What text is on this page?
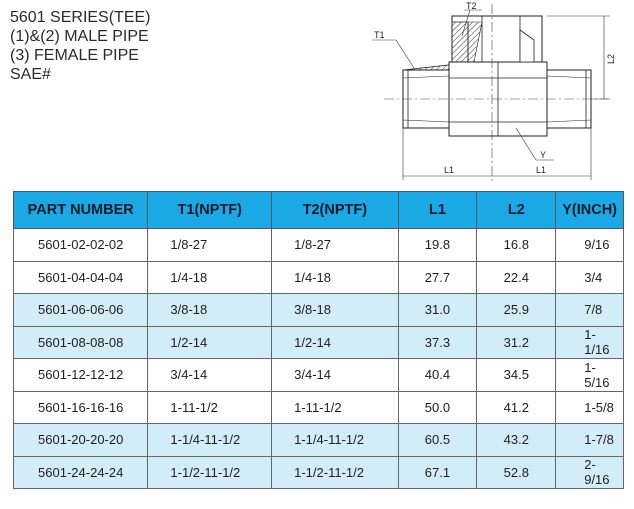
5601 SERIES(TEE)
(1)&(2) MALE PIPE
(3) FEMALE PIPE
SAE#
T2
T1
L2
L1	L1
Y
PART NUMBER	T1(NPTF)	T2(NPTF)	L1	L2	Y(INCH)
5601-02-02-02	1/8-27	1/8-27	19.8	16.8	9/16
5601-04-04-04	1/4-18	1/4-18	27.7	22.4	3/4
5601-06-06-06	3/8-18	3/8-18	31.0	25.9	7/8
5601-08-08-08	1/2-14	1/2-14	37.3	31.2	1-1/16
5601-12-12-12	3/4-14	3/4-14	40.4	34.5	1-5/16
5601-16-16-16	1-11-1/2	1-11-1/2	50.0	41.2	1-5/8
5601-20-20-20	1-1/4-11-1/2	1-1/4-11-1/2	60.5	43.2	1-7/8
5601-24-24-24	1-1/2-11-1/2	1-1/2-11-1/2	67.1	52.8	2-9/16
